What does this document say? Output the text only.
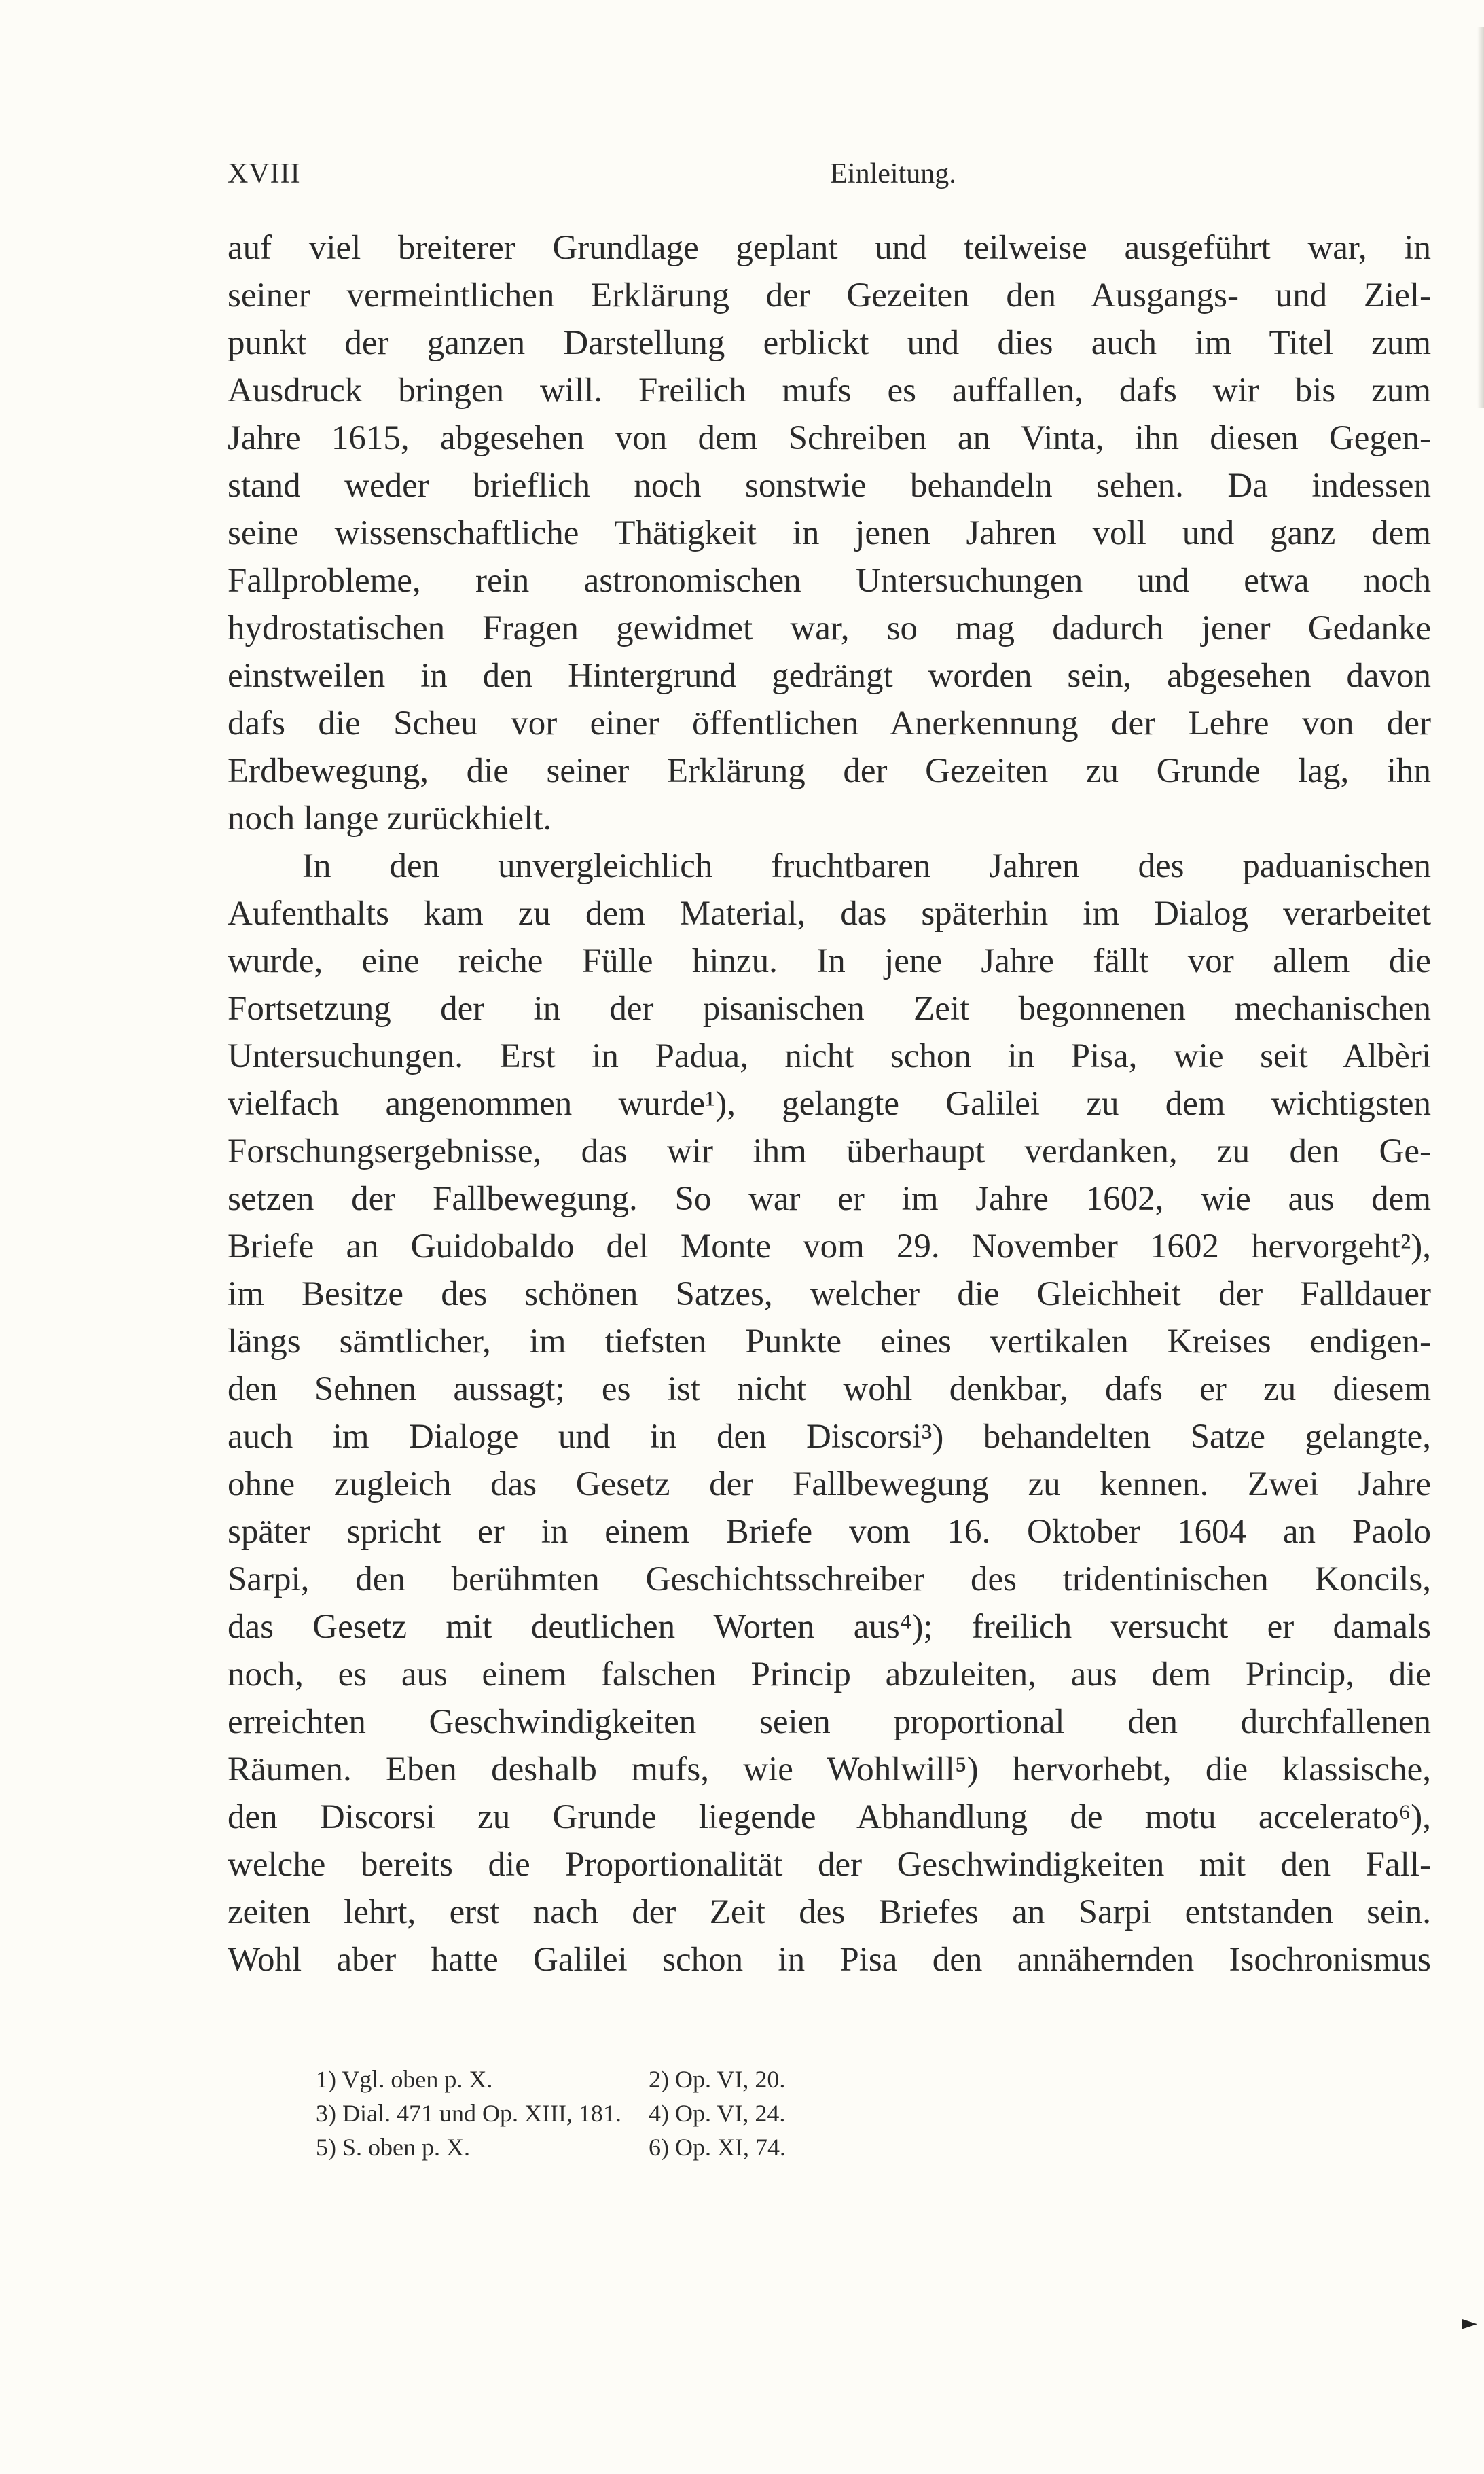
XVIII	Einleitung.
auf viel breiterer Grundlage geplant und teilweise ausgeführt war, in
seiner vermeintlichen Erklärung der Gezeiten den Ausgangs- und Ziel-
punkt der ganzen Darstellung erblickt und dies auch im Titel zum
Ausdruck bringen will. Freilich mufs es auffallen, dafs wir bis zum
Jahre 1615, abgesehen von dem Schreiben an Vinta, ihn diesen Gegen-
stand weder brieflich noch sonstwie behandeln sehen. Da indessen
seine wissenschaftliche Thätigkeit in jenen Jahren voll und ganz dem
Fallprobleme, rein astronomischen Untersuchungen und etwa noch
hydrostatischen Fragen gewidmet war, so mag dadurch jener Gedanke
einstweilen in den Hintergrund gedrängt worden sein, abgesehen davon
dafs die Scheu vor einer öffentlichen Anerkennung der Lehre von der
Erdbewegung, die seiner Erklärung der Gezeiten zu Grunde lag, ihn
noch lange zurückhielt.
In den unvergleichlich fruchtbaren Jahren des paduanischen
Aufenthalts kam zu dem Material, das späterhin im Dialog verarbeitet
wurde, eine reiche Fülle hinzu. In jene Jahre fällt vor allem die
Fortsetzung der in der pisanischen Zeit begonnenen mechanischen
Untersuchungen. Erst in Padua, nicht schon in Pisa, wie seit Albèri
vielfach angenommen wurde¹), gelangte Galilei zu dem wichtigsten
Forschungsergebnisse, das wir ihm überhaupt verdanken, zu den Ge-
setzen der Fallbewegung. So war er im Jahre 1602, wie aus dem
Briefe an Guidobaldo del Monte vom 29. November 1602 hervorgeht²),
im Besitze des schönen Satzes, welcher die Gleichheit der Falldauer
längs sämtlicher, im tiefsten Punkte eines vertikalen Kreises endigen-
den Sehnen aussagt; es ist nicht wohl denkbar, dafs er zu diesem
auch im Dialoge und in den Discorsi³) behandelten Satze gelangte,
ohne zugleich das Gesetz der Fallbewegung zu kennen. Zwei Jahre
später spricht er in einem Briefe vom 16. Oktober 1604 an Paolo
Sarpi, den berühmten Geschichtsschreiber des tridentinischen Koncils,
das Gesetz mit deutlichen Worten aus⁴); freilich versucht er damals
noch, es aus einem falschen Princip abzuleiten, aus dem Princip, die
erreichten Geschwindigkeiten seien proportional den durchfallenen
Räumen. Eben deshalb mufs, wie Wohlwill⁵) hervorhebt, die klassische,
den Discorsi zu Grunde liegende Abhandlung de motu accelerato⁶),
welche bereits die Proportionalität der Geschwindigkeiten mit den Fall-
zeiten lehrt, erst nach der Zeit des Briefes an Sarpi entstanden sein.
Wohl aber hatte Galilei schon in Pisa den annähernden Isochronismus
1) Vgl. oben p. X.	2) Op. VI, 20.
3) Dial. 471 und Op. XIII, 181. 4) Op. VI, 24.
5) S. oben p. X.	6) Op. XI, 74.
►
